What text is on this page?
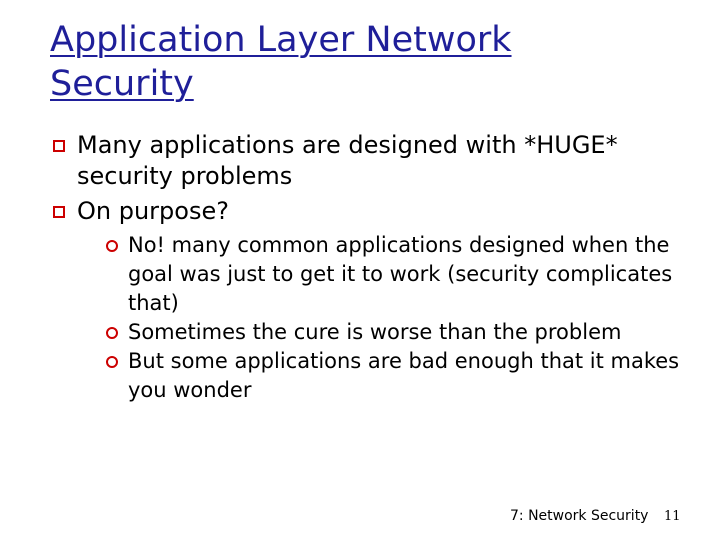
Application Layer Network
Security
Many applications are designed with *HUGE* security problems
On purpose?
No! many common applications designed when the goal was just to get it to work (security complicates that)
Sometimes the cure is worse than the problem
But some applications are bad enough that it makes you wonder
7: Network Security 11
